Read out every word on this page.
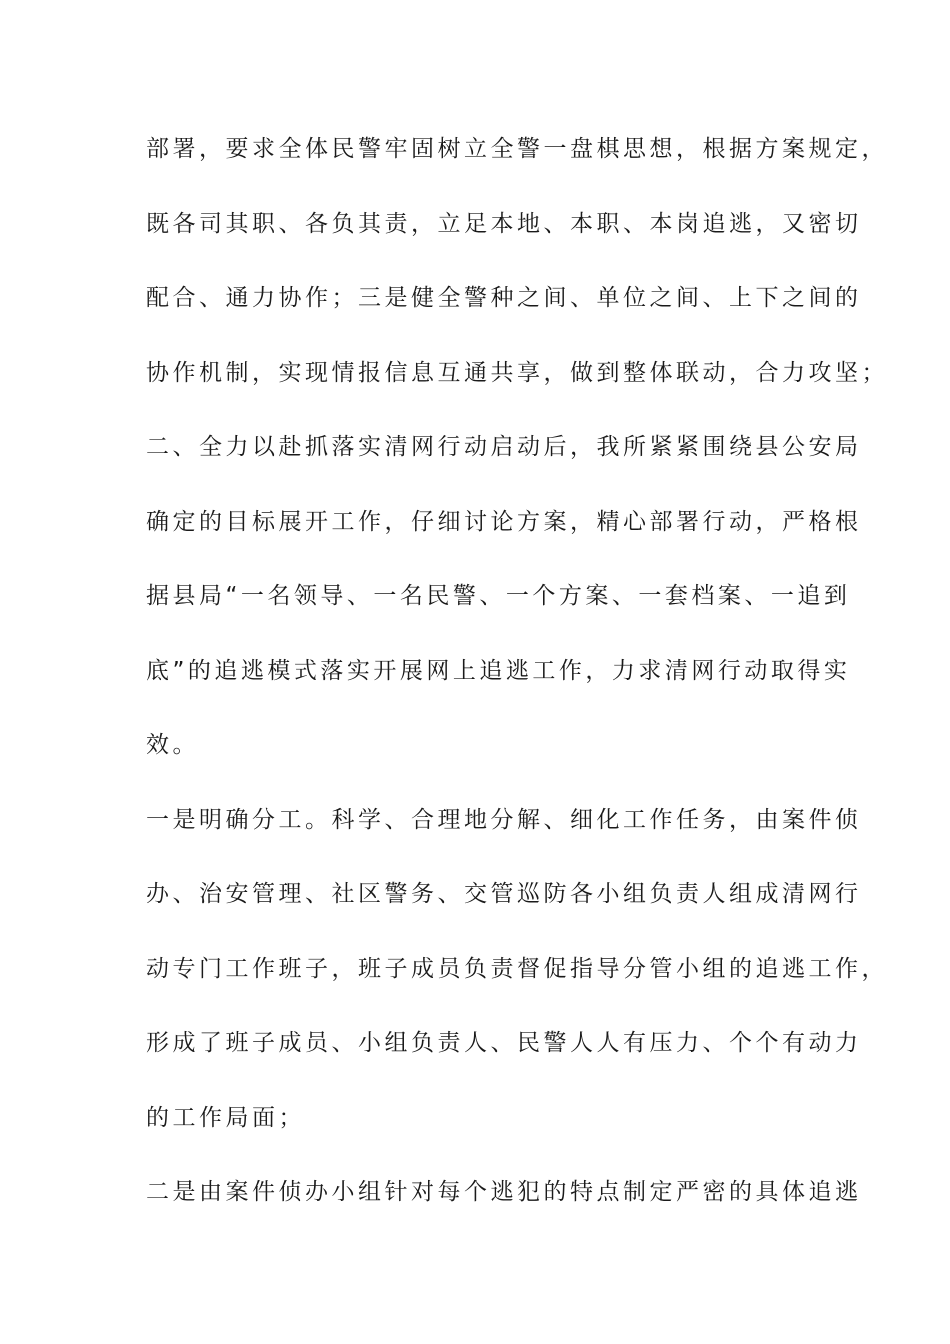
部署，要求全体民警牢固树立全警一盘棋思想，根据方案规定，
既各司其职、各负其责，立足本地、本职、本岗追逃，又密切
配合、通力协作；三是健全警种之间、单位之间、上下之间的
协作机制，实现情报信息互通共享，做到整体联动，合力攻坚；
二、全力以赴抓落实清网行动启动后，我所紧紧围绕县公安局
确定的目标展开工作，仔细讨论方案，精心部署行动，严格根
据县局“一名领导、一名民警、一个方案、一套档案、一追到
底”的追逃模式落实开展网上追逃工作，力求清网行动取得实
效。
一是明确分工。科学、合理地分解、细化工作任务，由案件侦
办、治安管理、社区警务、交管巡防各小组负责人组成清网行
动专门工作班子，班子成员负责督促指导分管小组的追逃工作，
形成了班子成员、小组负责人、民警人人有压力、个个有动力
的工作局面；
二是由案件侦办小组针对每个逃犯的特点制定严密的具体追逃
